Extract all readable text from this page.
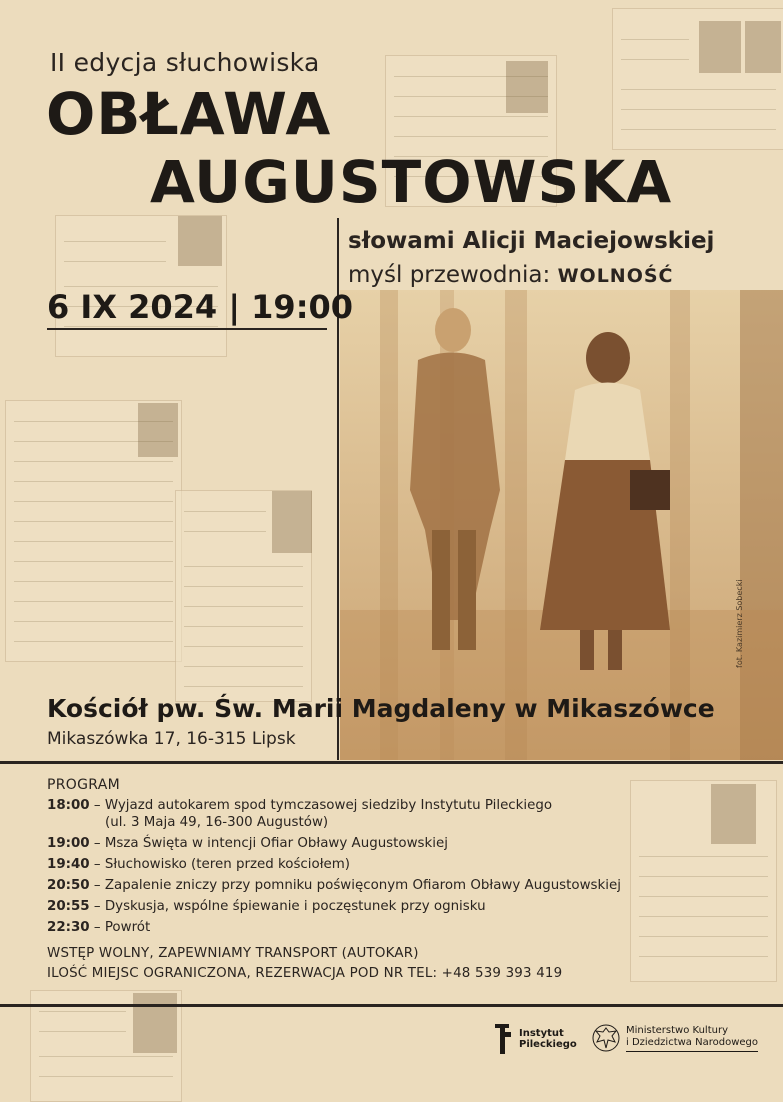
fot. Kazimierz Sobecki
II edycja słuchowiska
OBŁAWA
AUGUSTOWSKA
słowami Alicji Maciejowskiej
myśl przewodnia: WOLNOŚĆ
6 IX 2024 | 19:00
Kościół pw. Św. Marii Magdaleny w Mikaszówce
Mikaszówka 17, 16-315 Lipsk
PROGRAM
18:00 – Wyjazd autokarem spod tymczasowej siedziby Instytutu Pileckiego
(ul. 3 Maja 49, 16-300 Augustów)
19:00 – Msza Święta w intencji Ofiar Obławy Augustowskiej
19:40 – Słuchowisko (teren przed kościołem)
20:50 – Zapalenie zniczy przy pomniku poświęconym Ofiarom Obławy Augustowskiej
20:55 – Dyskusja, wspólne śpiewanie i poczęstunek przy ognisku
22:30 – Powrót
WSTĘP WOLNY, ZAPEWNIAMY TRANSPORT (AUTOKAR)
ILOŚĆ MIEJSC OGRANICZONA, REZERWACJA POD NR TEL: +48 539 393 419
Instytut
Pileckiego
Ministerstwo Kultury
i Dziedzictwa Narodowego
